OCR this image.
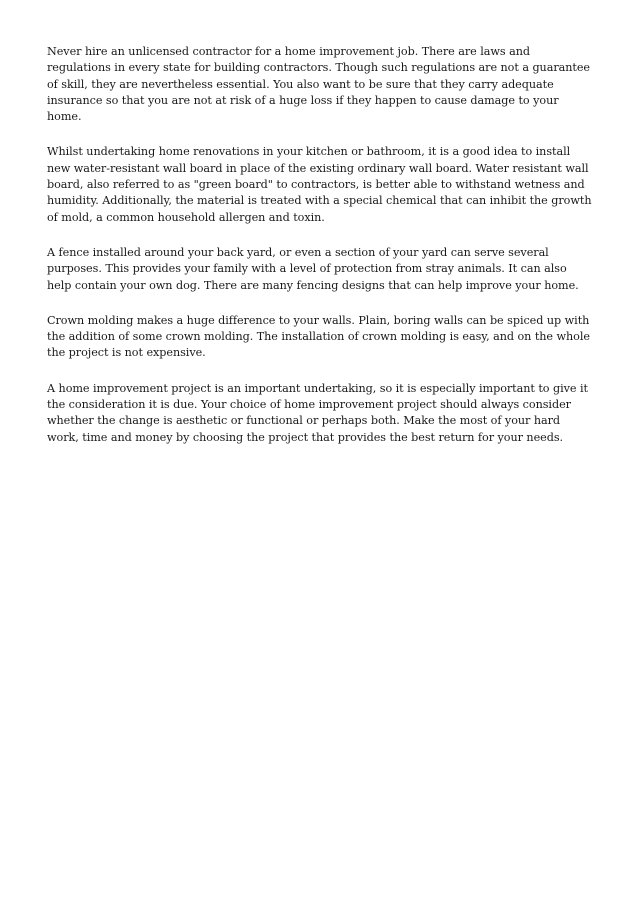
Never hire an unlicensed contractor for a home improvement job. There are laws and regulations in every state for building contractors. Though such regulations are not a guarantee of skill, they are nevertheless essential. You also want to be sure that they carry adequate insurance so that you are not at risk of a huge loss if they happen to cause damage to your home.

Whilst undertaking home renovations in your kitchen or bathroom, it is a good idea to install new water-resistant wall board in place of the existing ordinary wall board. Water resistant wall board, also referred to as "green board" to contractors, is better able to withstand wetness and humidity. Additionally, the material is treated with a special chemical that can inhibit the growth of mold, a common household allergen and toxin.

A fence installed around your back yard, or even a section of your yard can serve several purposes. This provides your family with a level of protection from stray animals. It can also help contain your own dog. There are many fencing designs that can help improve your home.

Crown molding makes a huge difference to your walls. Plain, boring walls can be spiced up with the addition of some crown molding. The installation of crown molding is easy, and on the whole the project is not expensive.

A home improvement project is an important undertaking, so it is especially important to give it the consideration it is due. Your choice of home improvement project should always consider whether the change is aesthetic or functional or perhaps both. Make the most of your hard work, time and money by choosing the project that provides the best return for your needs.
